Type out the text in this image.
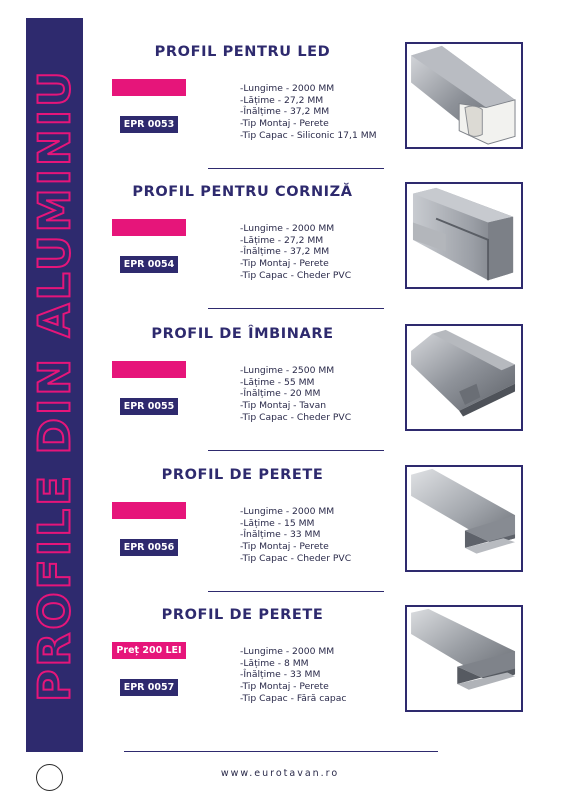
PROFILE DIN ALUMINIU
PROFIL PENTRU LED
EPR 0053
-Lungime - 2000 MM
-Lățime - 27,2 MM
-Înălțime - 37,2 MM
-Tip Montaj - Perete
-Tip Capac - Siliconic 17,1 MM
PROFIL PENTRU CORNIZĂ
EPR 0054
-Lungime - 2000 MM
-Lățime - 27,2 MM
-Înălțime - 37,2 MM
-Tip Montaj - Perete
-Tip Capac - Cheder PVC
PROFIL DE ÎMBINARE
EPR 0055
-Lungime - 2500 MM
-Lățime - 55 MM
-Înălțime - 20 MM
-Tip Montaj - Tavan
-Tip Capac - Cheder PVC
PROFIL DE PERETE
EPR 0056
-Lungime - 2000 MM
-Lățime - 15 MM
-Înălțime - 33 MM
-Tip Montaj - Perete
-Tip Capac - Cheder PVC
PROFIL DE PERETE
Preț 200 LEI
EPR 0057
-Lungime - 2000 MM
-Lățime - 8 MM
-Înălțime - 33 MM
-Tip Montaj - Perete
-Tip Capac - Fără capac
www.eurotavan.ro
